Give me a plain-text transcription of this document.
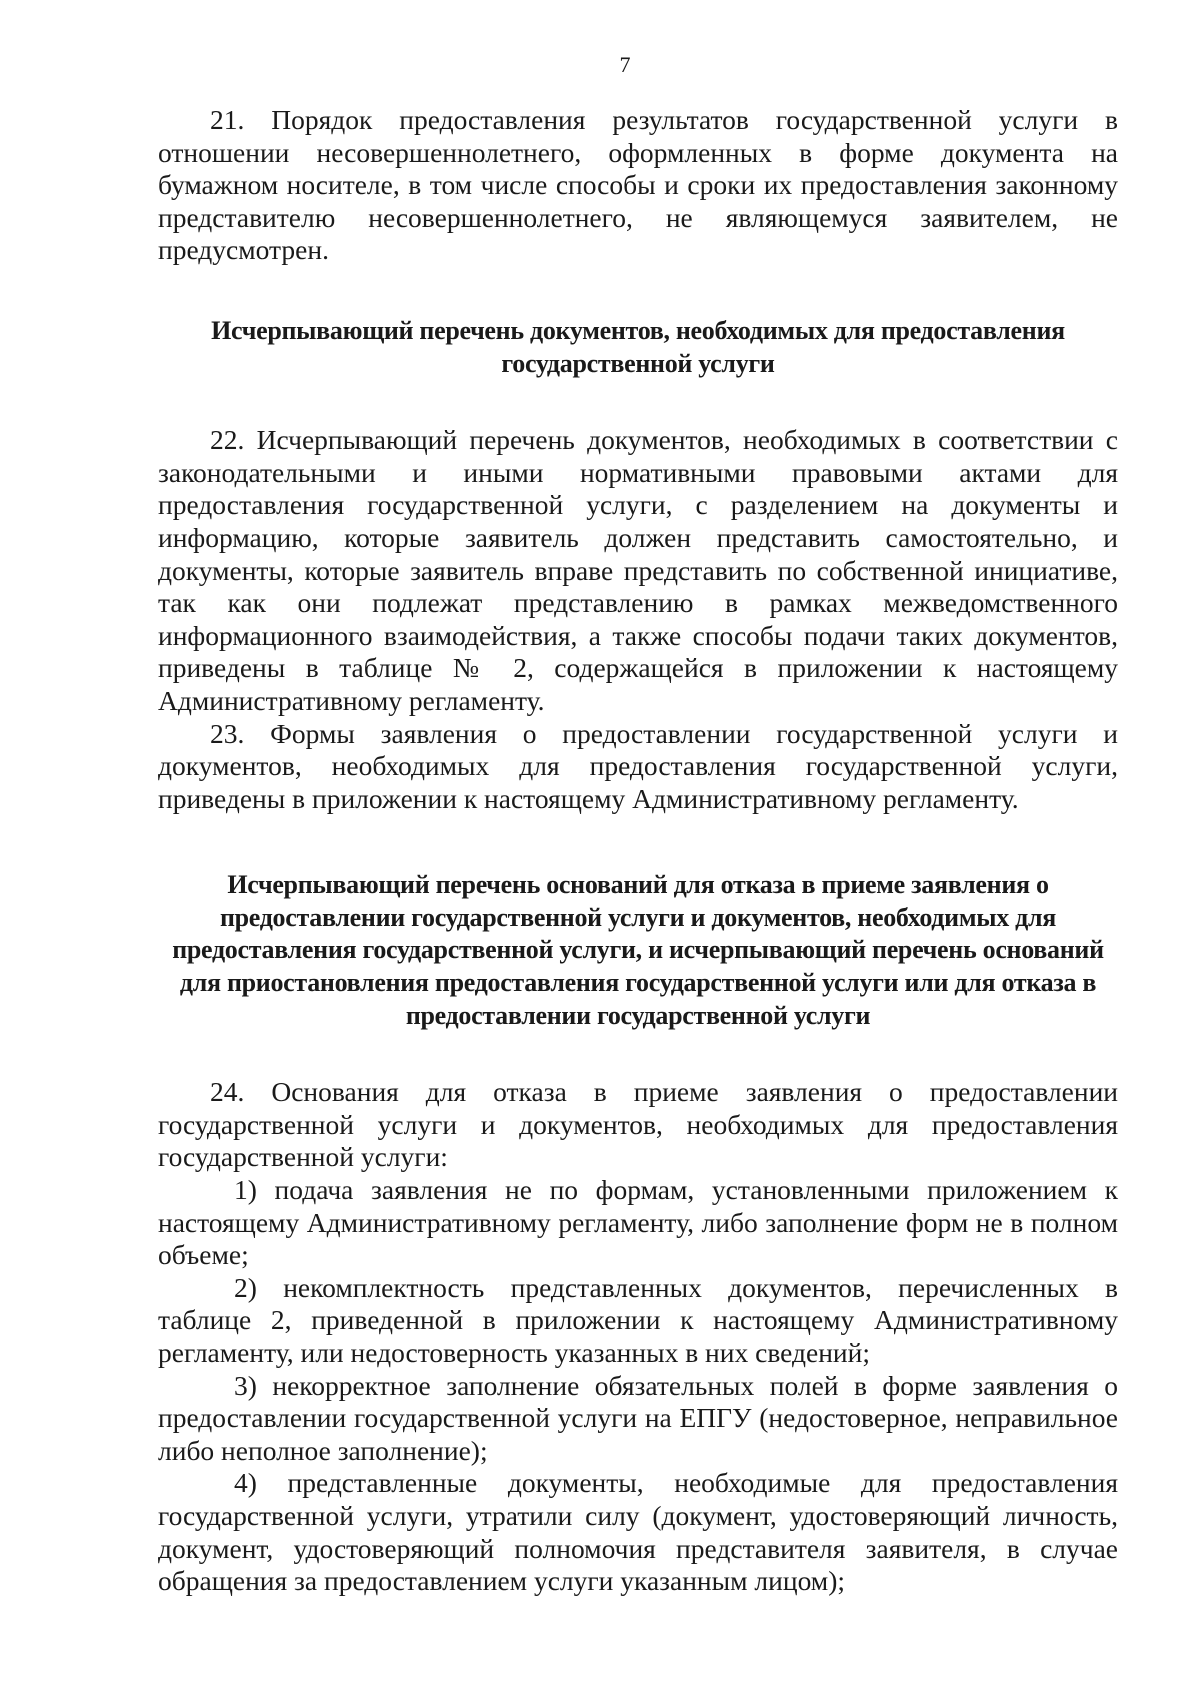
7

21. Порядок предоставления результатов государственной услуги в отношении несовершеннолетнего, оформленных в форме документа на бумажном носителе, в том числе способы и сроки их предоставления законному представителю несовершеннолетнего, не являющемуся заявителем, не предусмотрен.

Исчерпывающий перечень документов, необходимых для предоставления государственной услуги

22. Исчерпывающий перечень документов, необходимых в соответствии с законодательными и иными нормативными правовыми актами для предоставления государственной услуги, с разделением на документы и информацию, которые заявитель должен представить самостоятельно, и документы, которые заявитель вправе представить по собственной инициативе, так как они подлежат представлению в рамках межведомственного информационного взаимодействия, а также способы подачи таких документов, приведены в таблице № 2, содержащейся в приложении к настоящему Административному регламенту.

23. Формы заявления о предоставлении государственной услуги и документов, необходимых для предоставления государственной услуги, приведены в приложении к настоящему Административному регламенту.

Исчерпывающий перечень оснований для отказа в приеме заявления о предоставлении государственной услуги и документов, необходимых для предоставления государственной услуги, и исчерпывающий перечень оснований для приостановления предоставления государственной услуги или для отказа в предоставлении государственной услуги

24. Основания для отказа в приеме заявления о предоставлении государственной услуги и документов, необходимых для предоставления государственной услуги:

1) подача заявления не по формам, установленными приложением к настоящему Административному регламенту, либо заполнение форм не в полном объеме;

2) некомплектность представленных документов, перечисленных в таблице 2, приведенной в приложении к настоящему Административному регламенту, или недостоверность указанных в них сведений;

3) некорректное заполнение обязательных полей в форме заявления о предоставлении государственной услуги на ЕПГУ (недостоверное, неправильное либо неполное заполнение);

4) представленные документы, необходимые для предоставления государственной услуги, утратили силу (документ, удостоверяющий личность, документ, удостоверяющий полномочия представителя заявителя, в случае обращения за предоставлением услуги указанным лицом);
